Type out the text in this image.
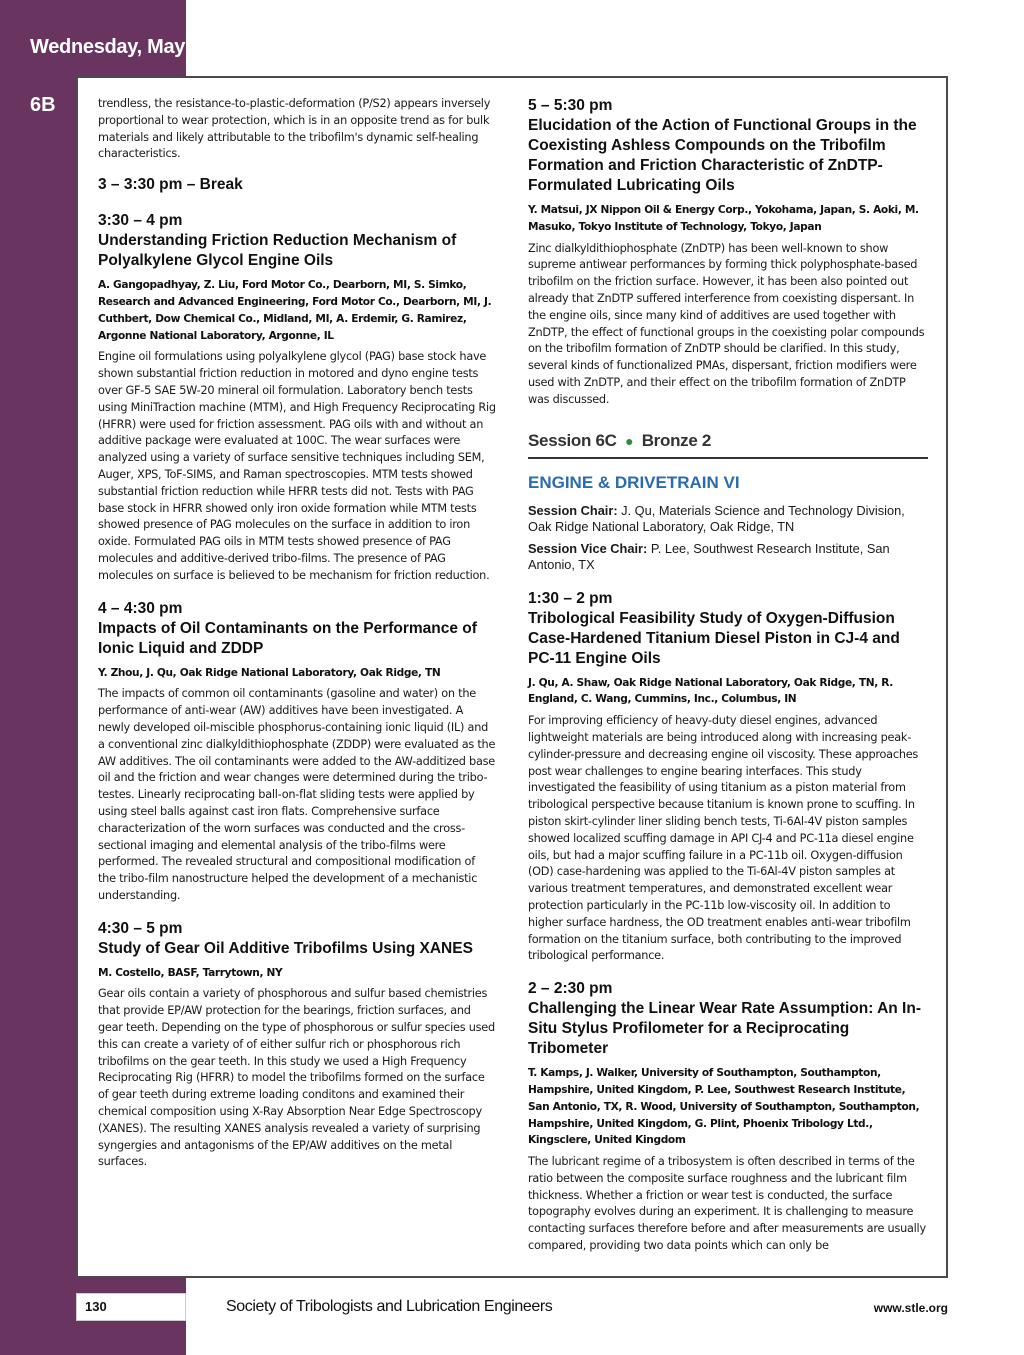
Wednesday, May 18
6B	trendless, the resistance-to-plastic-deformation (P/S2) appears inversely proportional to wear protection, which is in an opposite trend as for bulk materials and likely attributable to the tribofilm's dynamic self-healing characteristics.

3 – 3:30 pm – Break

3:30 – 4 pm

Understanding Friction Reduction Mechanism of Polyalkylene Glycol Engine Oils

A. Gangopadhyay, Z. Liu, Ford Motor Co., Dearborn, MI, S. Simko, Research and Advanced Engineering, Ford Motor Co., Dearborn, MI, J. Cuthbert, Dow Chemical Co., Midland, MI, A. Erdemir, G. Ramirez, Argonne National Laboratory, Argonne, IL

Engine oil formulations using polyalkylene glycol (PAG) base stock have shown substantial friction reduction in motored and dyno engine tests over GF-5 SAE 5W-20 mineral oil formulation. Laboratory bench tests using MiniTraction machine (MTM), and High Frequency Reciprocating Rig (HFRR) were used for friction assessment. PAG oils with and without an additive package were evaluated at 100C. The wear surfaces were analyzed using a variety of surface sensitive techniques including SEM, Auger, XPS, ToF-SIMS, and Raman spectroscopies. MTM tests showed substantial friction reduction while HFRR tests did not. Tests with PAG base stock in HFRR showed only iron oxide formation while MTM tests showed presence of PAG molecules on the surface in addition to iron oxide. Formulated PAG oils in MTM tests showed presence of PAG molecules and additive-derived tribo-films. The presence of PAG molecules on surface is believed to be mechanism for friction reduction.

4 – 4:30 pm

Impacts of Oil Contaminants on the Performance of Ionic Liquid and ZDDP

Y. Zhou, J. Qu, Oak Ridge National Laboratory, Oak Ridge, TN

The impacts of common oil contaminants (gasoline and water) on the performance of anti-wear (AW) additives have been investigated. A newly developed oil-miscible phosphorus-containing ionic liquid (IL) and a conventional zinc dialkyldithiophosphate (ZDDP) were evaluated as the AW additives. The oil contaminants were added to the AW-additized base oil and the friction and wear changes were determined during the tribo-testes. Linearly reciprocating ball-on-flat sliding tests were applied by using steel balls against cast iron flats. Comprehensive surface characterization of the worn surfaces was conducted and the cross-sectional imaging and elemental analysis of the tribo-films were performed. The revealed structural and compositional modification of the tribo-film nanostructure helped the development of a mechanistic understanding.

4:30 – 5 pm

Study of Gear Oil Additive Tribofilms Using XANES

M. Costello, BASF, Tarrytown, NY

Gear oils contain a variety of phosphorous and sulfur based chemistries that provide EP/AW protection for the bearings, friction surfaces, and gear teeth. Depending on the type of phosphorous or sulfur species used this can create a variety of of either sulfur rich or phosphorous rich tribofilms on the gear teeth. In this study we used a High Frequency Reciprocating Rig (HFRR) to model the tribofilms formed on the surface of gear teeth during extreme loading conditons and examined their chemical composition using X-Ray Absorption Near Edge Spectroscopy (XANES). The resulting XANES analysis revealed a variety of surprising syngergies and antagonisms of the EP/AW additives on the metal surfaces.

5 – 5:30 pm

Elucidation of the Action of Functional Groups in the Coexisting Ashless Compounds on the Tribofilm Formation and Friction Characteristic of ZnDTP-Formulated Lubricating Oils

Y. Matsui, JX Nippon Oil & Energy Corp., Yokohama, Japan, S. Aoki, M. Masuko, Tokyo Institute of Technology, Tokyo, Japan

Zinc dialkyldithiophosphate (ZnDTP) has been well-known to show supreme antiwear performances by forming thick polyphosphate-based tribofilm on the friction surface. However, it has been also pointed out already that ZnDTP suffered interference from coexisting dispersant. In the engine oils, since many kind of additives are used together with ZnDTP, the effect of functional groups in the coexisting polar compounds on the tribofilm formation of ZnDTP should be clarified. In this study, several kinds of functionalized PMAs, dispersant, friction modifiers were used with ZnDTP, and their effect on the tribofilm formation of ZnDTP was discussed.

Session 6C ● Bronze 2
ENGINE & DRIVETRAIN VI

Session Chair: J. Qu, Materials Science and Technology Division, Oak Ridge National Laboratory, Oak Ridge, TN

Session Vice Chair: P. Lee, Southwest Research Institute, San Antonio, TX

1:30 – 2 pm

Tribological Feasibility Study of Oxygen-Diffusion Case-Hardened Titanium Diesel Piston in CJ-4 and PC-11 Engine Oils

J. Qu, A. Shaw, Oak Ridge National Laboratory, Oak Ridge, TN, R. England, C. Wang, Cummins, Inc., Columbus, IN

For improving efficiency of heavy-duty diesel engines, advanced lightweight materials are being introduced along with increasing peak-cylinder-pressure and decreasing engine oil viscosity. These approaches post wear challenges to engine bearing interfaces. This study investigated the feasibility of using titanium as a piston material from tribological perspective because titanium is known prone to scuffing. In piston skirt-cylinder liner sliding bench tests, Ti-6Al-4V piston samples showed localized scuffing damage in API CJ-4 and PC-11a diesel engine oils, but had a major scuffing failure in a PC-11b oil. Oxygen-diffusion (OD) case-hardening was applied to the Ti-6Al-4V piston samples at various treatment temperatures, and demonstrated excellent wear protection particularly in the PC-11b low-viscosity oil. In addition to higher surface hardness, the OD treatment enables anti-wear tribofilm formation on the titanium surface, both contributing to the improved tribological performance.

2 – 2:30 pm

Challenging the Linear Wear Rate Assumption: An In-Situ Stylus Profilometer for a Reciprocating Tribometer

T. Kamps, J. Walker, University of Southampton, Southampton, Hampshire, United Kingdom, P. Lee, Southwest Research Institute, San Antonio, TX, R. Wood, University of Southampton, Southampton, Hampshire, United Kingdom, G. Plint, Phoenix Tribology Ltd., Kingsclere, United Kingdom

The lubricant regime of a tribosystem is often described in terms of the ratio between the composite surface roughness and the lubricant film thickness. Whether a friction or wear test is conducted, the surface topography evolves during an experiment. It is challenging to measure contacting surfaces therefore before and after measurements are usually compared, providing two data points which can only be

130	Society of Tribologists and Lubrication Engineers	www.stle.org
